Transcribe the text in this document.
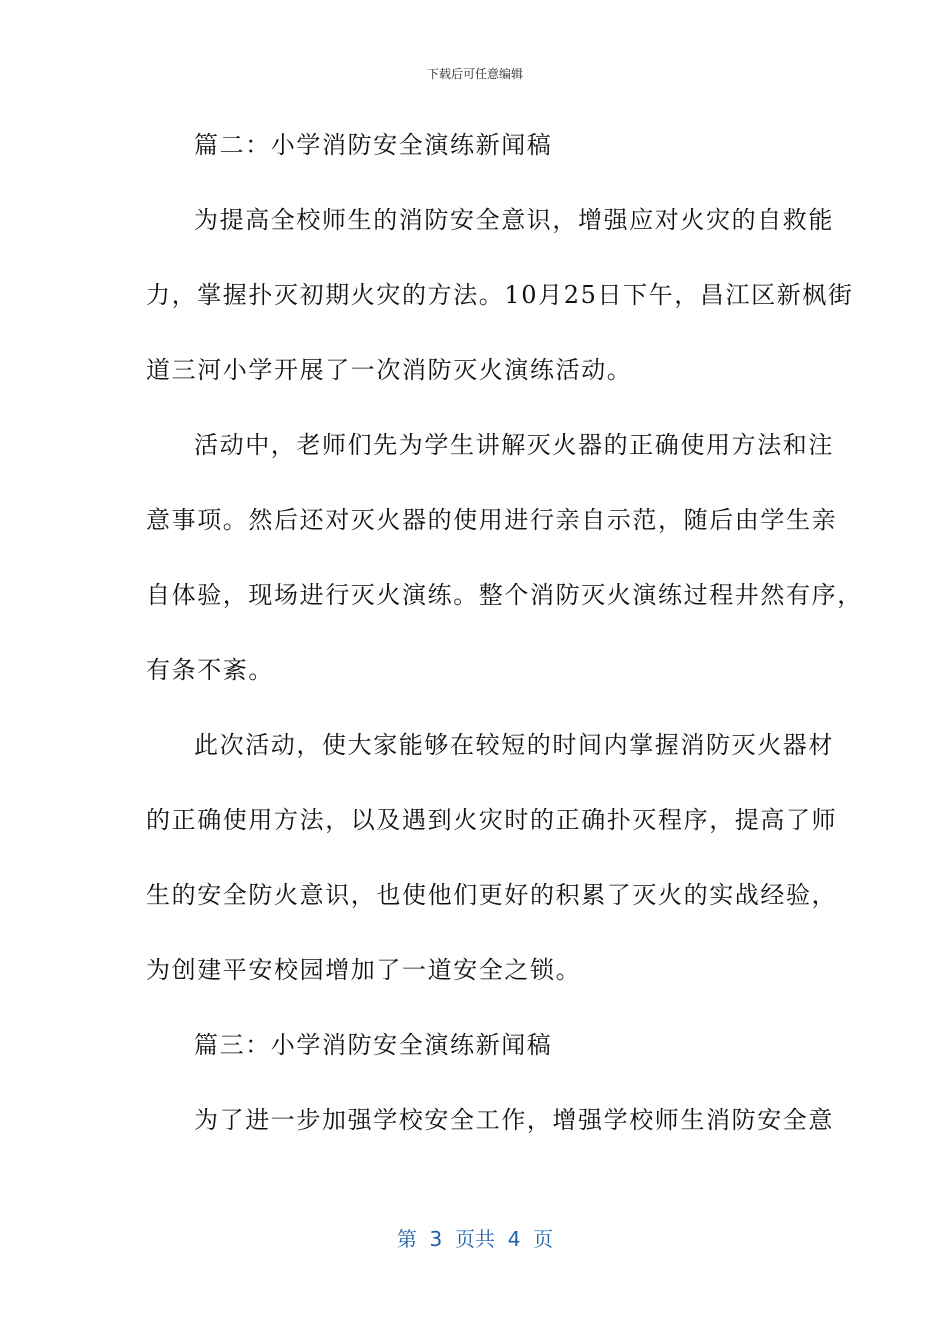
下载后可任意编辑
篇二：小学消防安全演练新闻稿
为提高全校师生的消防安全意识，增强应对火灾的自救能
力，掌握扑灭初期火灾的方法。10月25日下午，昌江区新枫街
道三河小学开展了一次消防灭火演练活动。
活动中，老师们先为学生讲解灭火器的正确使用方法和注
意事项。然后还对灭火器的使用进行亲自示范，随后由学生亲
自体验，现场进行灭火演练。整个消防灭火演练过程井然有序，
有条不紊。
此次活动，使大家能够在较短的时间内掌握消防灭火器材
的正确使用方法，以及遇到火灾时的正确扑灭程序，提高了师
生的安全防火意识，也使他们更好的积累了灭火的实战经验，
为创建平安校园增加了一道安全之锁。
篇三：小学消防安全演练新闻稿
为了进一步加强学校安全工作，增强学校师生消防安全意
第  3  页共  4  页
